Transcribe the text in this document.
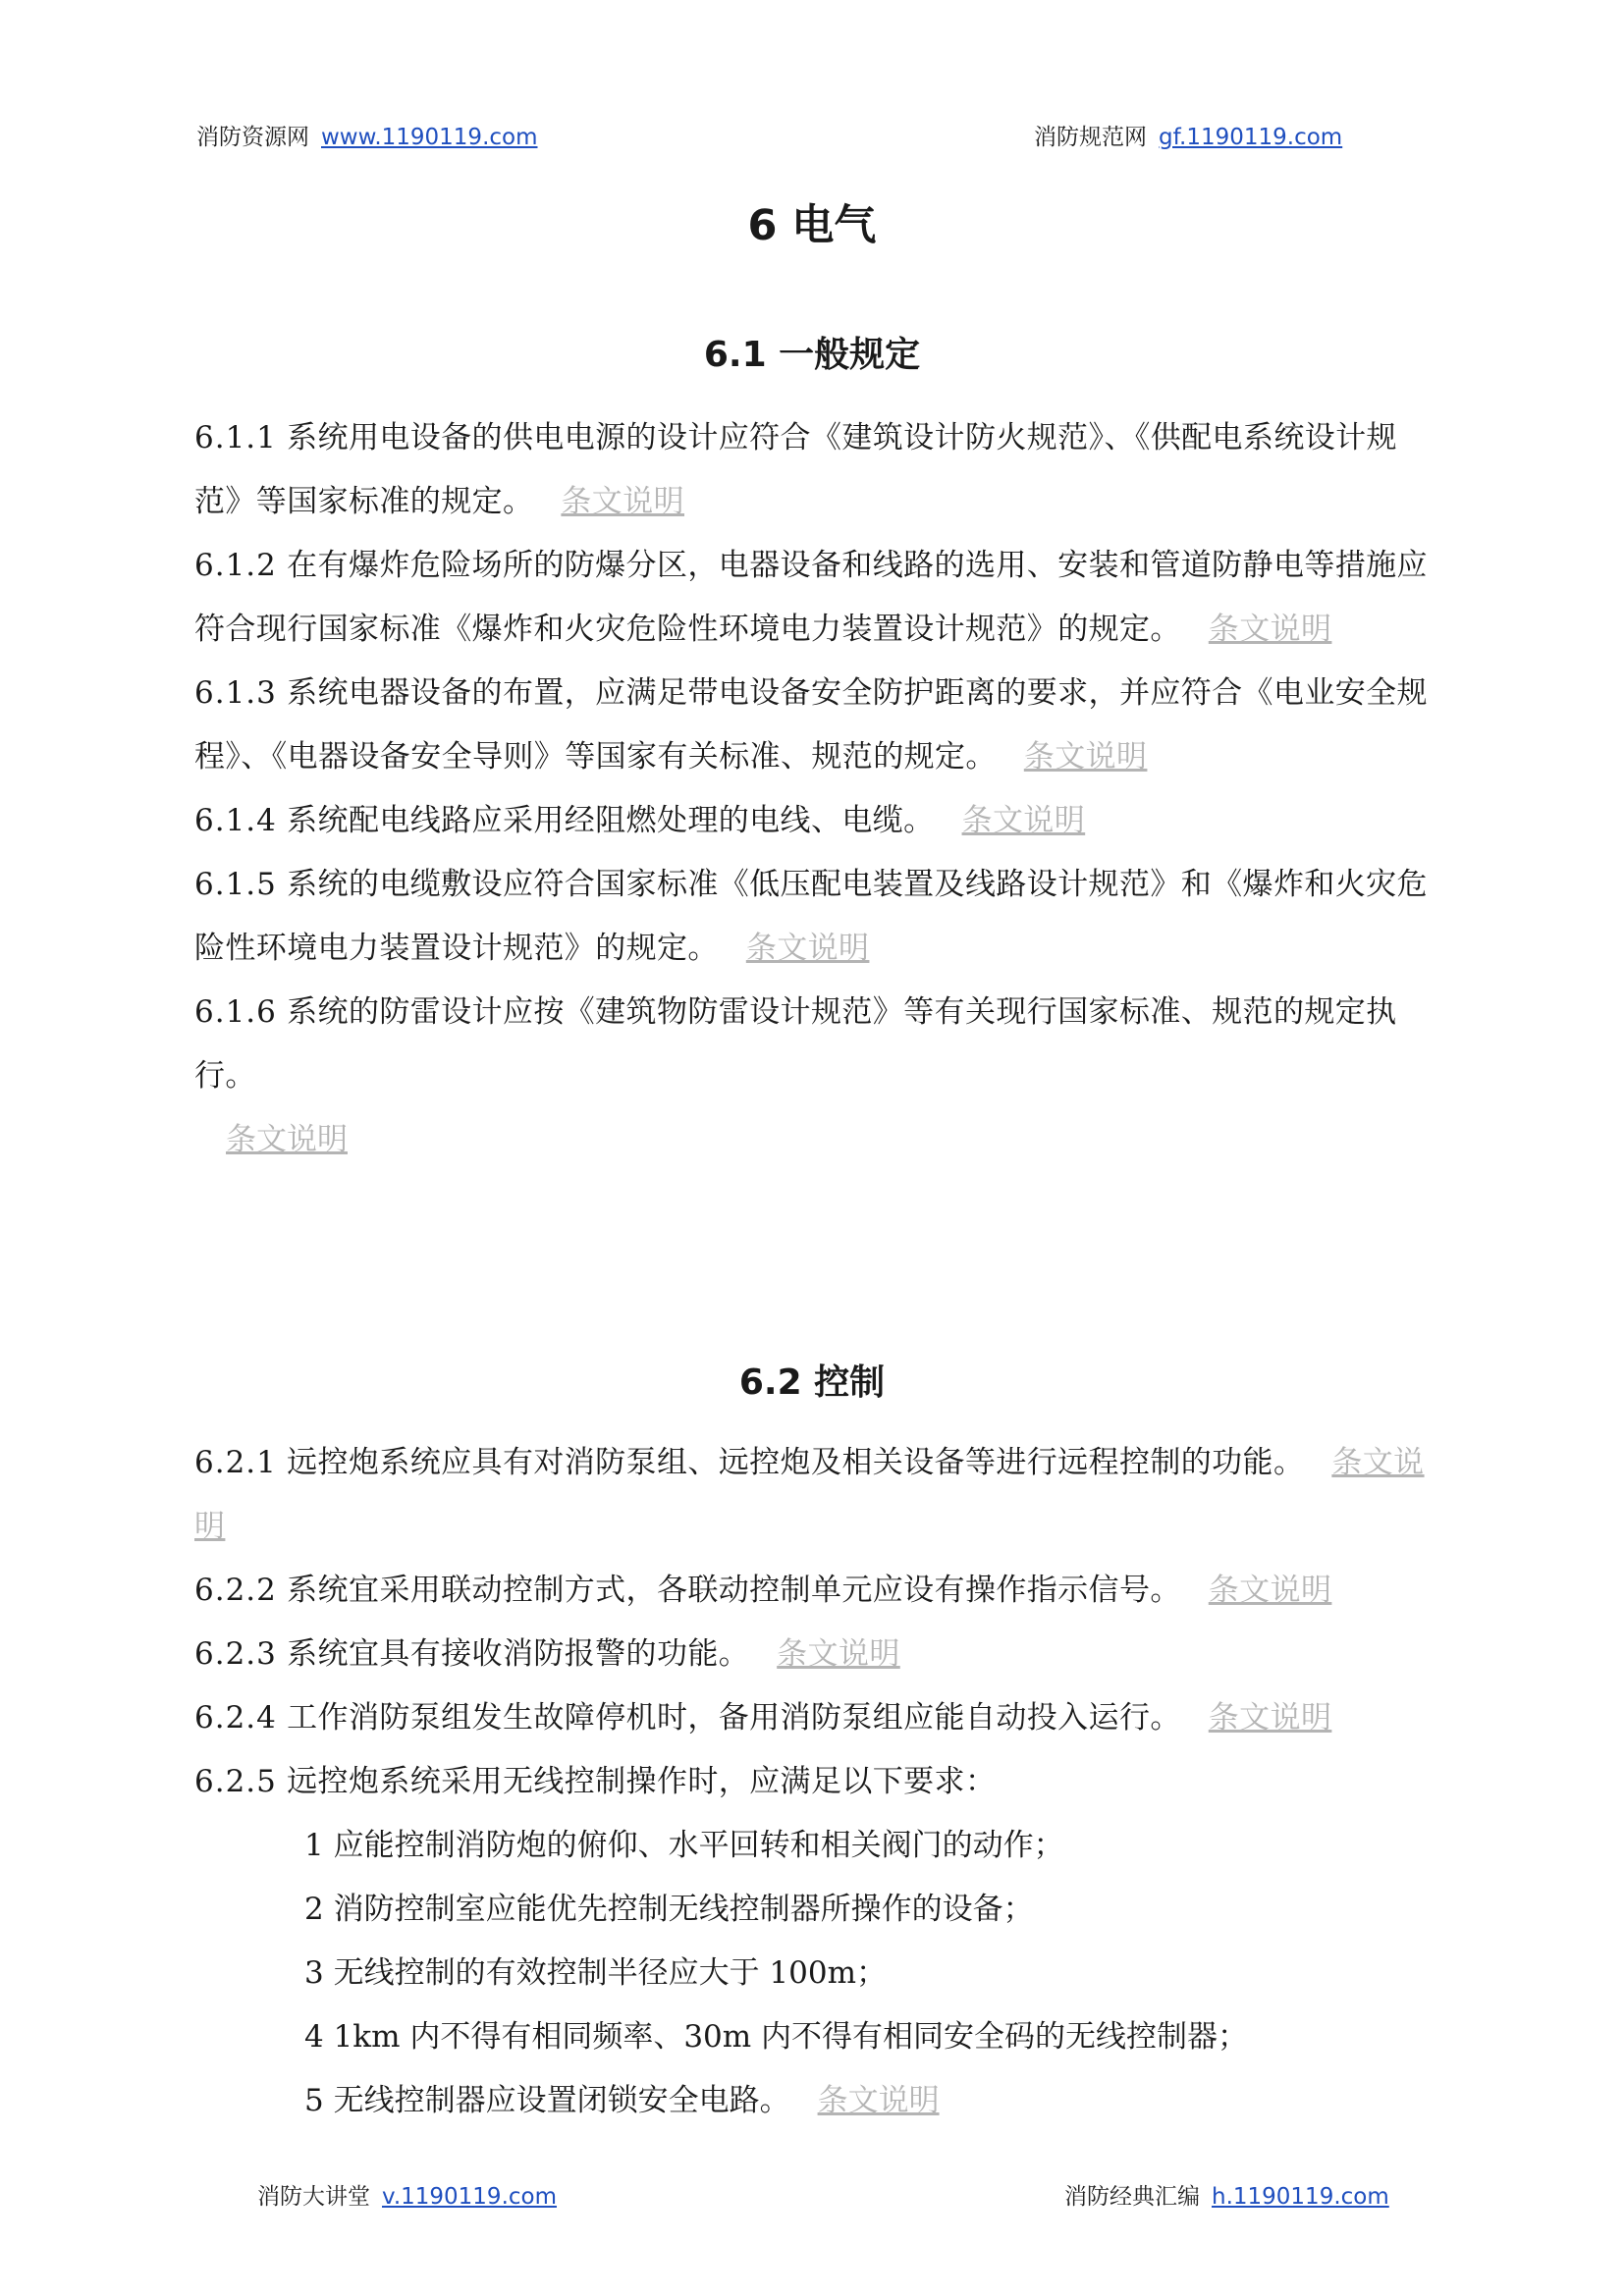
消防资源网 www.1190119.com	消防规范网 gf.1190119.com
6 电气
6.1 一般规定

6.1.1 系统用电设备的供电电源的设计应符合《建筑设计防火规范》、《供配电系统设计规范》等国家标准的规定。 条文说明

6.1.2 在有爆炸危险场所的防爆分区，电器设备和线路的选用、安装和管道防静电等措施应符合现行国家标准《爆炸和火灾危险性环境电力装置设计规范》的规定。 条文说明

6.1.3 系统电器设备的布置，应满足带电设备安全防护距离的要求，并应符合《电业安全规程》、《电器设备安全导则》等国家有关标准、规范的规定。 条文说明

6.1.4 系统配电线路应采用经阻燃处理的电线、电缆。 条文说明

6.1.5 系统的电缆敷设应符合国家标准《低压配电装置及线路设计规范》和《爆炸和火灾危险性环境电力装置设计规范》的规定。 条文说明

6.1.6 系统的防雷设计应按《建筑物防雷设计规范》等有关现行国家标准、规范的规定执行。

条文说明
6.2 控制

6.2.1 远控炮系统应具有对消防泵组、远控炮及相关设备等进行远程控制的功能。 条文说明

6.2.2 系统宜采用联动控制方式，各联动控制单元应设有操作指示信号。 条文说明

6.2.3 系统宜具有接收消防报警的功能。 条文说明

6.2.4 工作消防泵组发生故障停机时，备用消防泵组应能自动投入运行。 条文说明

6.2.5 远控炮系统采用无线控制操作时，应满足以下要求：

1 应能控制消防炮的俯仰、水平回转和相关阀门的动作；

2 消防控制室应能优先控制无线控制器所操作的设备；

3 无线控制的有效控制半径应大于 100m；

4 1km 内不得有相同频率、30m 内不得有相同安全码的无线控制器；

5 无线控制器应设置闭锁安全电路。 条文说明

消防大讲堂 v.1190119.com	消防经典汇编 h.1190119.com
